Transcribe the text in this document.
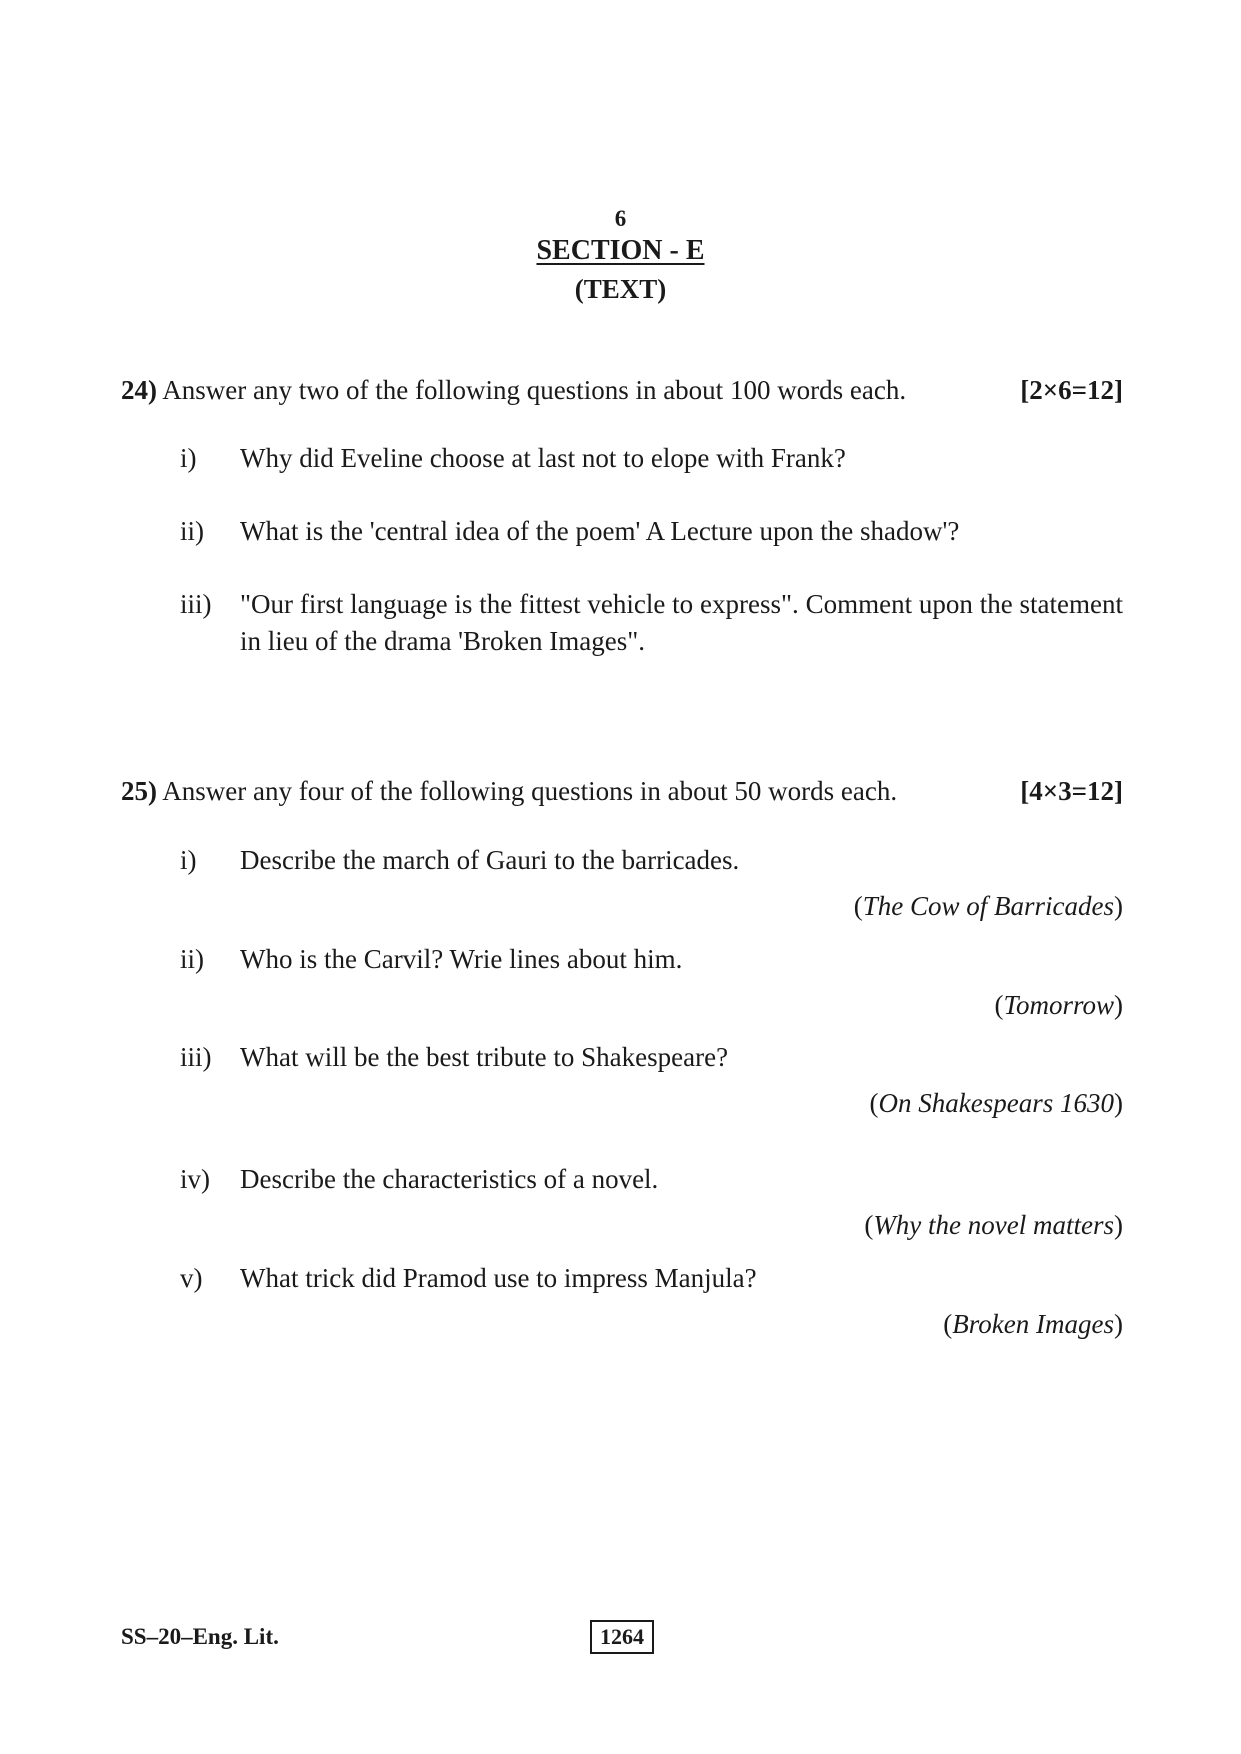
6
SECTION - E
(TEXT)
24) Answer any two of the following questions in about 100 words each.	[2×6=12]
i)	Why did Eveline choose at last not to elope with Frank?
ii)	What is the 'central idea of the poem' A Lecture upon the shadow'?
iii)	"Our first language is the fittest vehicle to express". Comment upon the statement in lieu of the drama 'Broken Images".
25) Answer any four of the following questions in about 50 words each.	[4×3=12]
i)	Describe the march of Gauri to the barricades.
(The Cow of Barricades)
ii)	Who is the Carvil? Wrie lines about him.
(Tomorrow)
iii)	What will be the best tribute to Shakespeare?
(On Shakespears 1630)
iv)	Describe the characteristics of a novel.
(Why the novel matters)
v)	What trick did Pramod use to impress Manjula?
(Broken Images)
SS–20–Eng. Lit.	1264
